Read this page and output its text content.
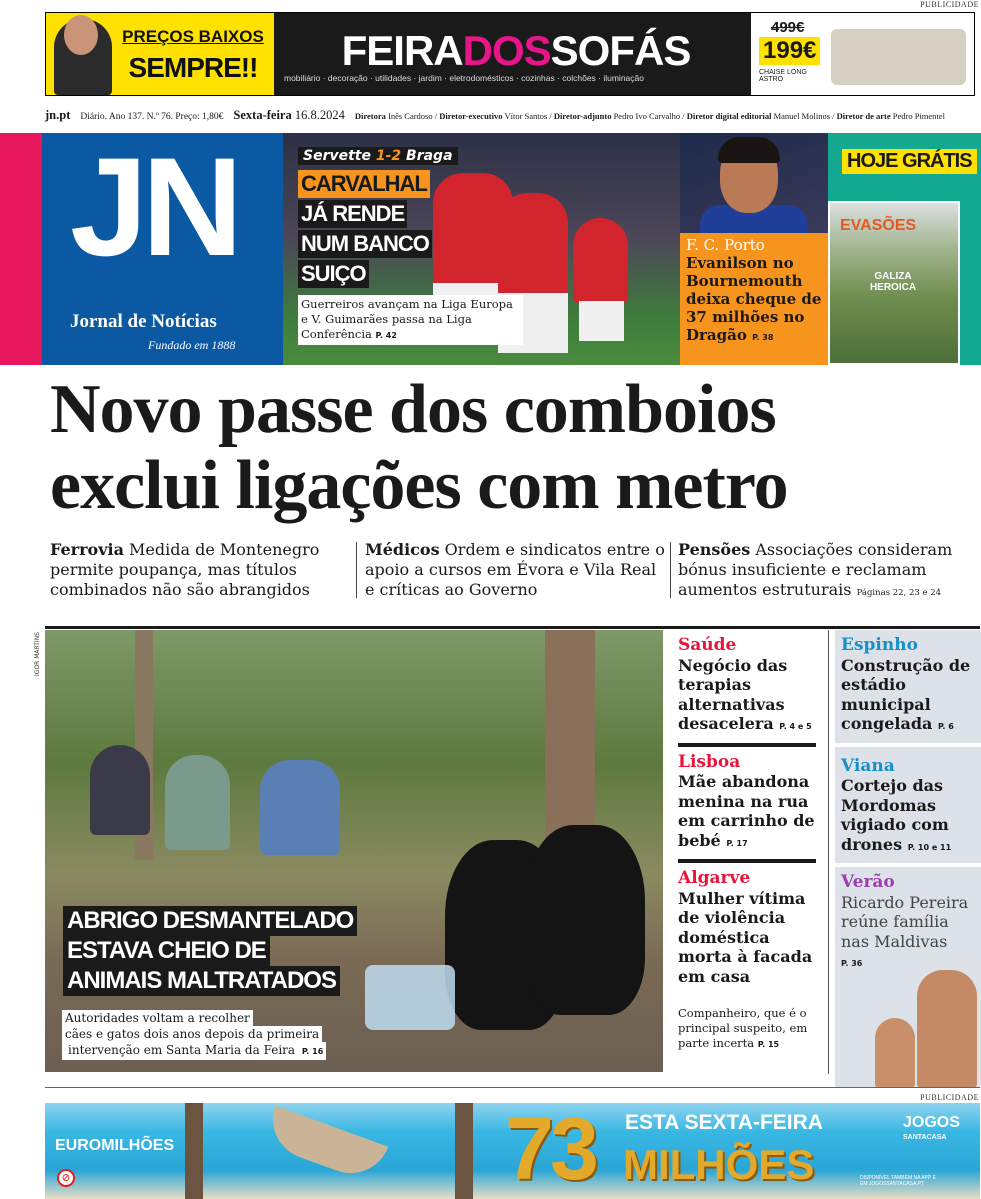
PUBLICIDADE
PREÇOS BAIXOS
SEMPRE!!	FEIRADOSSOFÁS
mobiliário · decoração · utilidades · jardim · eletrodomésticos · cozinhas · colchões · iluminação
499€
199€
CHAISE LONG ASTRO
jn.pt Diário. Ano 137. N.º 76. Preço: 1,80€ Sexta-feira 16.8.2024 Diretora Inês Cardoso / Diretor-executivo Vítor Santos / Diretor-adjunto Pedro Ivo Carvalho / Diretor digital editorial Manuel Molinos / Diretor de arte Pedro Pimentel
JN
Jornal de Notícias
Fundado em 1888
Servette 1-2 Braga
CARVALHAL
JÁ RENDE
NUM BANCO
SUIÇO
Guerreiros avançam na Liga Europa e V. Guimarães passa na Liga Conferência P. 42
F. C. Porto
Evanilson no Bournemouth deixa cheque de 37 milhões no Dragão P. 38
HOJE GRÁTIS
EVASÕES
GALIZA HEROICA
Novo passe dos comboios
exclui ligações com metro
Ferrovia Medida de Montenegro permite poupança, mas títulos combinados não são abrangidos
Médicos Ordem e sindicatos entre o apoio a cursos em Évora e Vila Real e críticas ao Governo
Pensões Associações consideram bónus insuficiente e reclamam aumentos estruturais Páginas 22, 23 e 24
IGOR MARTINS
ABRIGO DESMANTELADO
ESTAVA CHEIO DE
ANIMAIS MALTRATADOS
Autoridades voltam a recolher
cães e gatos dois anos depois da primeira
intervenção em Santa Maria da Feira P. 16
Saúde
Negócio das terapias alternativas desacelera P. 4 e 5
Lisboa
Mãe abandona menina na rua em carrinho de bebé P. 17
Algarve
Mulher vítima de violência doméstica morta à facada em casa
Companheiro, que é o principal suspeito, em parte incerta P. 15
Espinho
Construção de estádio municipal congelada P. 6
Viana
Cortejo das Mordomas vigiado com drones P. 10 e 11
Verão
Ricardo Pereira reúne família nas Maldivas
P. 36
PUBLICIDADE
EUROMILHÕES
⊘	73 ESTA SEXTA-FEIRA
MILHÕES
JOGOS
SANTACASA
DISPONÍVEL TAMBÉM NA APP E EM JOGOSSANTACASA.PT
